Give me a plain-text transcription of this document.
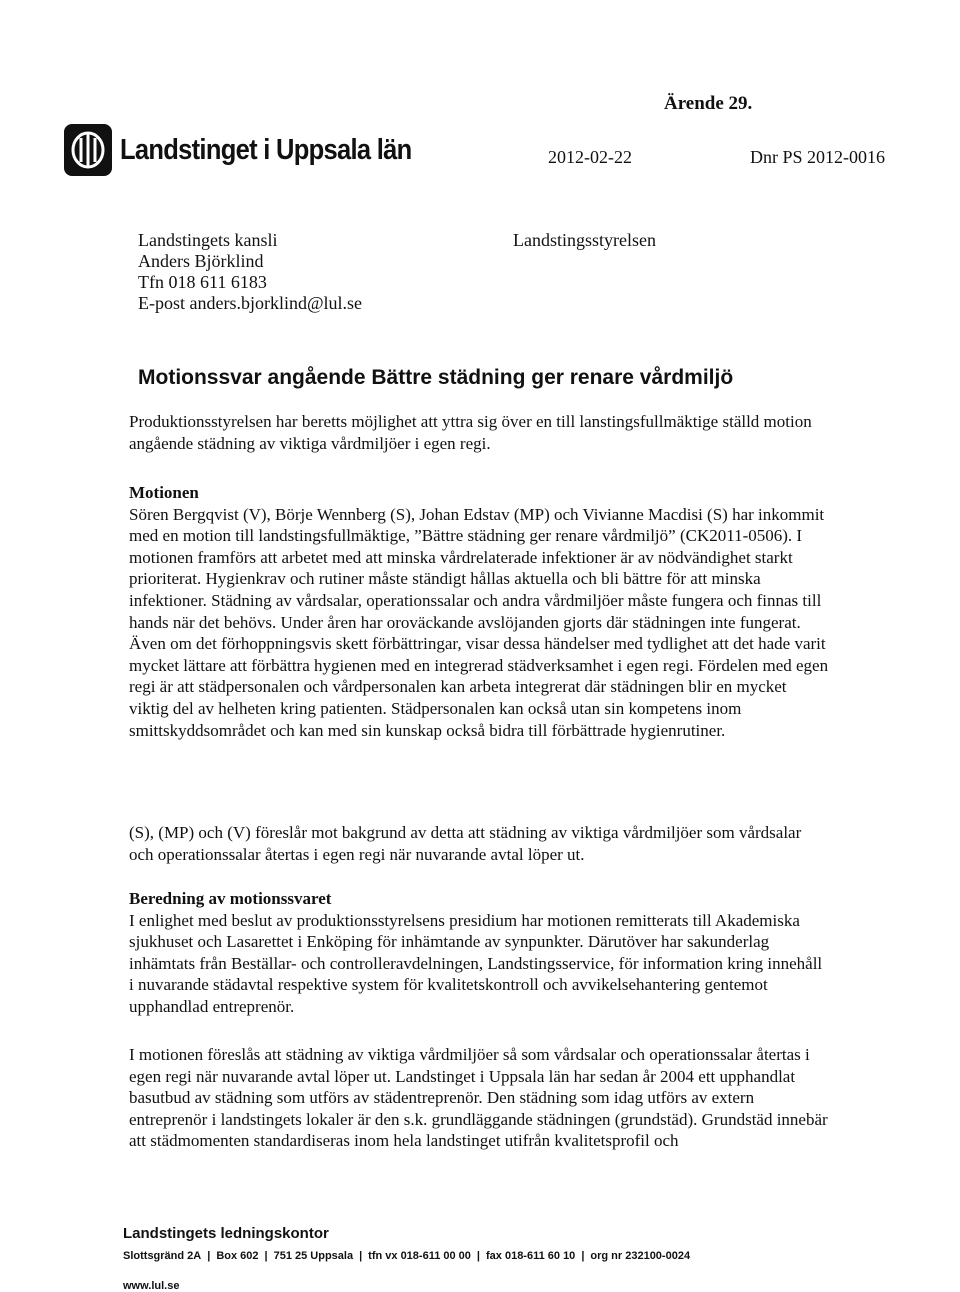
Ärende 29.
Landstinget i Uppsala län	2012-02-22	Dnr PS 2012-0016
Landstingets kansli
Anders Björklind
Tfn 018 611 6183
E-post anders.bjorklind@lul.se
Landstingsstyrelsen
Motionssvar angående Bättre städning ger renare vårdmiljö

Produktionsstyrelsen har beretts möjlighet att yttra sig över en till lanstingsfullmäktige ställd motion angående städning av viktiga vårdmiljöer i egen regi.

Motionen

Sören Bergqvist (V), Börje Wennberg (S), Johan Edstav (MP) och Vivianne Macdisi (S) har inkommit med en motion till landstingsfullmäktige, ”Bättre städning ger renare vårdmiljö” (CK2011-0506). I motionen framförs att arbetet med att minska vårdrelaterade infektioner är av nödvändighet starkt prioriterat. Hygienkrav och rutiner måste ständigt hållas aktuella och bli bättre för att minska infektioner. Städning av vårdsalar, operationssalar och andra vårdmiljöer måste fungera och finnas till hands när det behövs. Under åren har oroväckande avslöjanden gjorts där städningen inte fungerat. Även om det förhoppningsvis skett förbättringar, visar dessa händelser med tydlighet att det hade varit mycket lättare att förbättra hygienen med en integrerad städverksamhet i egen regi. Fördelen med egen regi är att städpersonalen och vårdpersonalen kan arbeta integrerat där städningen blir en mycket viktig del av helheten kring patienten. Städpersonalen kan också utan sin kompetens inom smittskyddsområdet och kan med sin kunskap också bidra till förbättrade hygienrutiner.

(S), (MP) och (V) föreslår mot bakgrund av detta att städning av viktiga vårdmiljöer som vårdsalar och operationssalar återtas i egen regi när nuvarande avtal löper ut.

Beredning av motionssvaret

I enlighet med beslut av produktionsstyrelsens presidium har motionen remitterats till Akademiska sjukhuset och Lasarettet i Enköping för inhämtande av synpunkter. Därutöver har sakunderlag inhämtats från Beställar- och controlleravdelningen, Landstingsservice, för information kring innehåll i nuvarande städavtal respektive system för kvalitetskontroll och avvikelsehantering gentemot upphandlad entreprenör.

I motionen föreslås att städning av viktiga vårdmiljöer så som vårdsalar och operationssalar återtas i egen regi när nuvarande avtal löper ut. Landstinget i Uppsala län har sedan år 2004 ett upphandlat basutbud av städning som utförs av städentreprenör. Den städning som idag utförs av extern entreprenör i landstingets lokaler är den s.k. grundläggande städningen (grundstäd). Grundstäd innebär att städmomenten standardiseras inom hela landstinget utifrån kvalitetsprofil och

Landstingets ledningskontor
Slottsgränd 2A | Box 602 | 751 25 Uppsala | tfn vx 018-611 00 00 | fax 018-611 60 10 | org nr 232100-0024
www.lul.se
